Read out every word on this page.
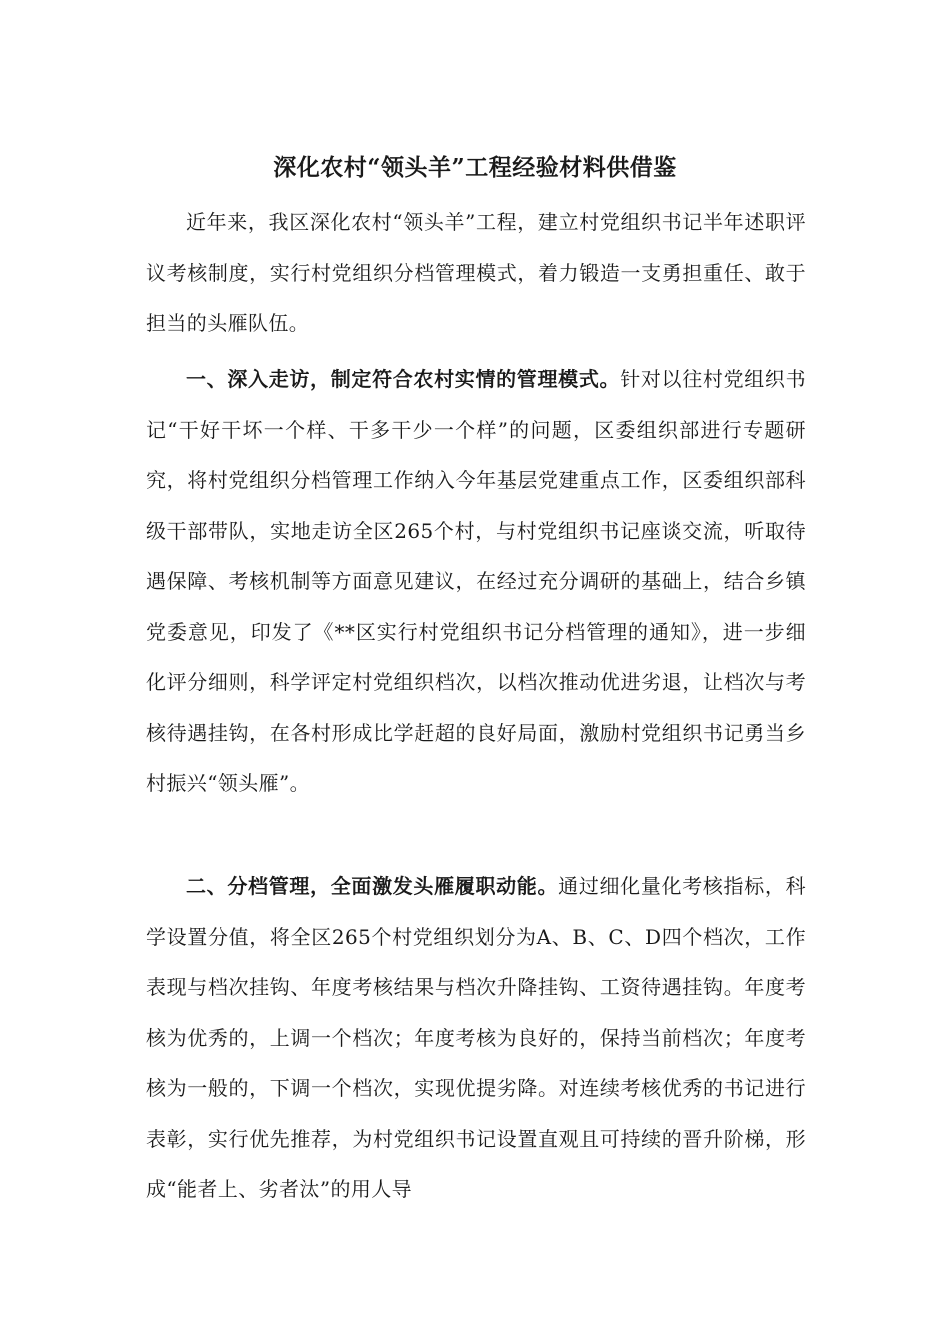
深化农村“领头羊”工程经验材料供借鉴

近年来，我区深化农村“领头羊”工程，建立村党组织书记半年述职评议考核制度，实行村党组织分档管理模式，着力锻造一支勇担重任、敢于担当的头雁队伍。

一、深入走访，制定符合农村实情的管理模式。针对以往村党组织书记“干好干坏一个样、干多干少一个样”的问题，区委组织部进行专题研究，将村党组织分档管理工作纳入今年基层党建重点工作，区委组织部科级干部带队，实地走访全区265个村，与村党组织书记座谈交流，听取待遇保障、考核机制等方面意见建议，在经过充分调研的基础上，结合乡镇党委意见，印发了《**区实行村党组织书记分档管理的通知》，进一步细化评分细则，科学评定村党组织档次，以档次推动优进劣退，让档次与考核待遇挂钩，在各村形成比学赶超的良好局面，激励村党组织书记勇当乡村振兴“领头雁”。

二、分档管理，全面激发头雁履职动能。通过细化量化考核指标，科学设置分值，将全区265个村党组织划分为A、B、C、D四个档次，工作表现与档次挂钩、年度考核结果与档次升降挂钩、工资待遇挂钩。年度考核为优秀的，上调一个档次；年度考核为良好的，保持当前档次；年度考核为一般的，下调一个档次，实现优提劣降。对连续考核优秀的书记进行表彰，实行优先推荐，为村党组织书记设置直观且可持续的晋升阶梯，形成“能者上、劣者汰”的用人导
